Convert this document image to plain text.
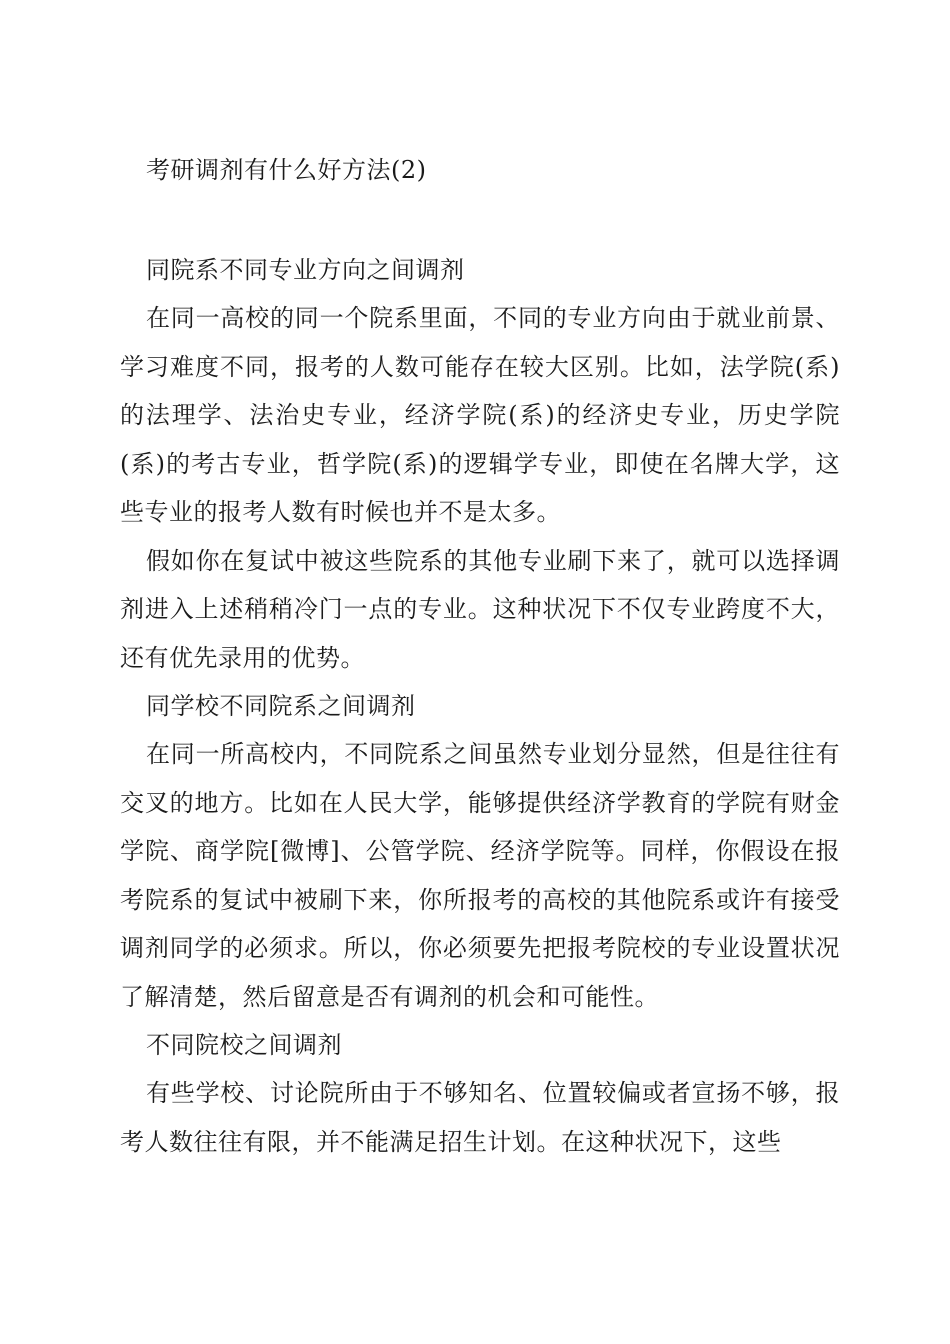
考研调剂有什么好方法(2)
同院系不同专业方向之间调剂

在同一高校的同一个院系里面，不同的专业方向由于就业前景、学习难度不同，报考的人数可能存在较大区别。比如，法学院(系)的法理学、法治史专业，经济学院(系)的经济史专业，历史学院(系)的考古专业，哲学院(系)的逻辑学专业，即使在名牌大学，这些专业的报考人数有时候也并不是太多。

假如你在复试中被这些院系的其他专业刷下来了，就可以选择调剂进入上述稍稍冷门一点的专业。这种状况下不仅专业跨度不大，还有优先录用的优势。

同学校不同院系之间调剂

在同一所高校内，不同院系之间虽然专业划分显然，但是往往有交叉的地方。比如在人民大学，能够提供经济学教育的学院有财金学院、商学院[微博]、公管学院、经济学院等。同样，你假设在报考院系的复试中被刷下来，你所报考的高校的其他院系或许有接受调剂同学的必须求。所以，你必须要先把报考院校的专业设置状况了解清楚，然后留意是否有调剂的机会和可能性。

不同院校之间调剂

有些学校、讨论院所由于不够知名、位置较偏或者宣扬不够，报考人数往往有限，并不能满足招生计划。在这种状况下，这些
